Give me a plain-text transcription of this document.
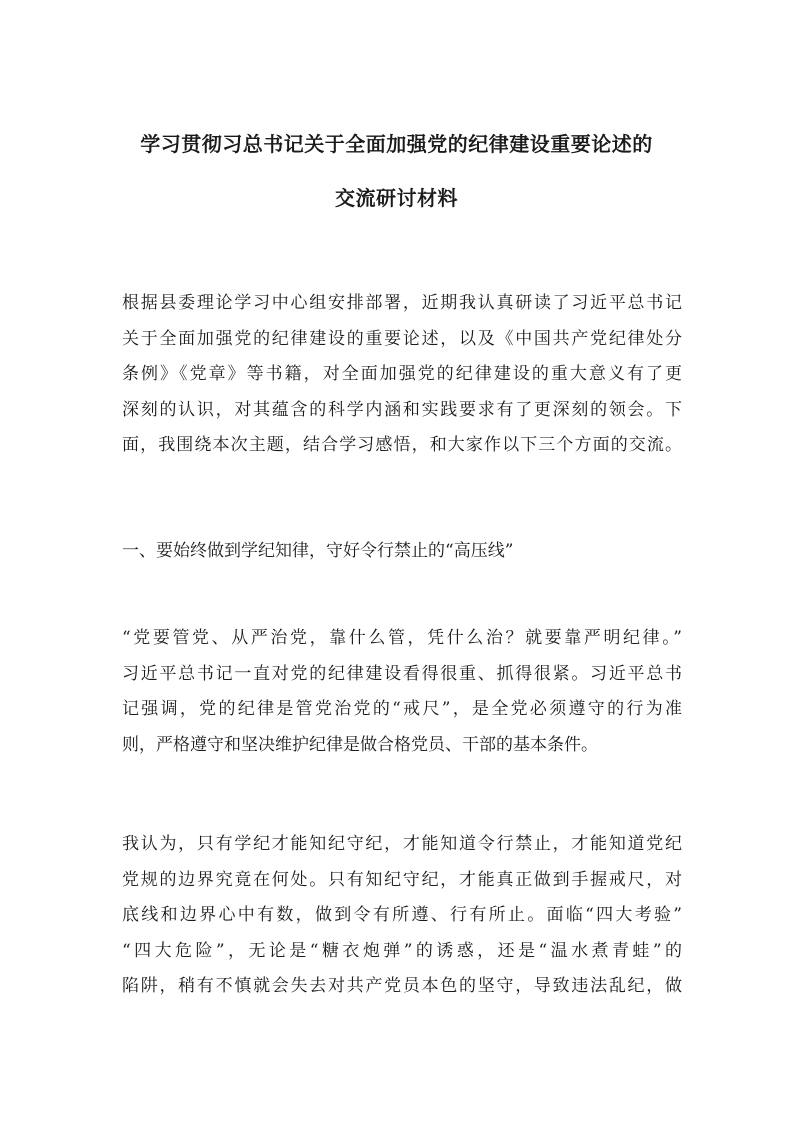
学习贯彻习总书记关于全面加强党的纪律建设重要论述的
交流研讨材料

根据县委理论学习中心组安排部署，近期我认真研读了习近平总书记
关于全面加强党的纪律建设的重要论述，以及《中国共产党纪律处分
条例》《党章》等书籍，对全面加强党的纪律建设的重大意义有了更
深刻的认识，对其蕴含的科学内涵和实践要求有了更深刻的领会。下
面，我围绕本次主题，结合学习感悟，和大家作以下三个方面的交流。

一、要始终做到学纪知律，守好令行禁止的“高压线”

“党要管党、从严治党，靠什么管，凭什么治？就要靠严明纪律。”
习近平总书记一直对党的纪律建设看得很重、抓得很紧。习近平总书
记强调，党的纪律是管党治党的“戒尺”，是全党必须遵守的行为准
则，严格遵守和坚决维护纪律是做合格党员、干部的基本条件。

我认为，只有学纪才能知纪守纪，才能知道令行禁止，才能知道党纪
党规的边界究竟在何处。只有知纪守纪，才能真正做到手握戒尺，对
底线和边界心中有数，做到令有所遵、行有所止。面临“四大考验”
“四大危险”，无论是“糖衣炮弹”的诱惑，还是“温水煮青蛙”的
陷阱，稍有不慎就会失去对共产党员本色的坚守，导致违法乱纪，做
